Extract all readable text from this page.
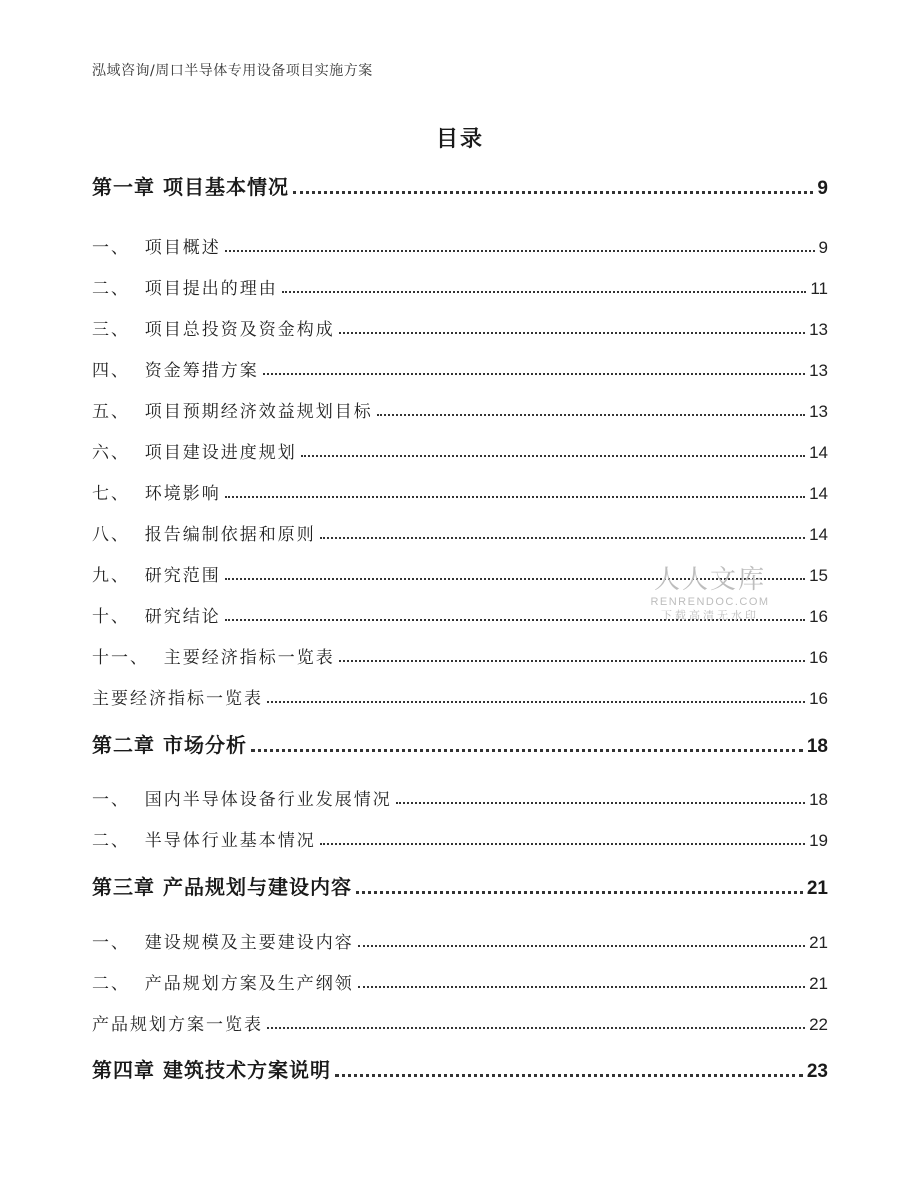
泓域咨询/周口半导体专用设备项目实施方案
目录
第一章 项目基本情况	9
一、  项目概述	9
二、  项目提出的理由	11
三、  项目总投资及资金构成	13
四、  资金筹措方案	13
五、  项目预期经济效益规划目标	13
六、  项目建设进度规划	14
七、  环境影响	14
八、  报告编制依据和原则	14
九、  研究范围	15
十、  研究结论	16
十一、  主要经济指标一览表	16
主要经济指标一览表	16
第二章 市场分析	18
一、  国内半导体设备行业发展情况	18
二、  半导体行业基本情况	19
第三章 产品规划与建设内容	21
一、  建设规模及主要建设内容	21
二、  产品规划方案及生产纲领	21
产品规划方案一览表	22
第四章 建筑技术方案说明	23
人人文库
RENRENDOC.COM
下载高清无水印
